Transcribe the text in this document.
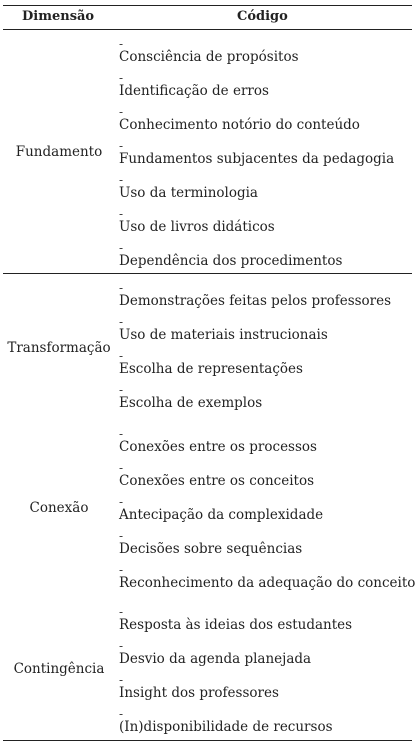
Dimensão	Código
Fundamento
-
Consciência de propósitos
-
Identificação de erros
-
Conhecimento notório do conteúdo
-
Fundamentos subjacentes da pedagogia
-
Uso da terminologia
-
Uso de livros didáticos
-
Dependência dos procedimentos
Transformação
-
Demonstrações feitas pelos professores
-
Uso de materiais instrucionais
-
Escolha de representações
-
Escolha de exemplos
Conexão
-
Conexões entre os processos
-
Conexões entre os conceitos
-
Antecipação da complexidade
-
Decisões sobre sequências
-
Reconhecimento da adequação do conceito
Contingência
-
Resposta às ideias dos estudantes
-
Desvio da agenda planejada
-
Insight dos professores
-
(In)disponibilidade de recursos
